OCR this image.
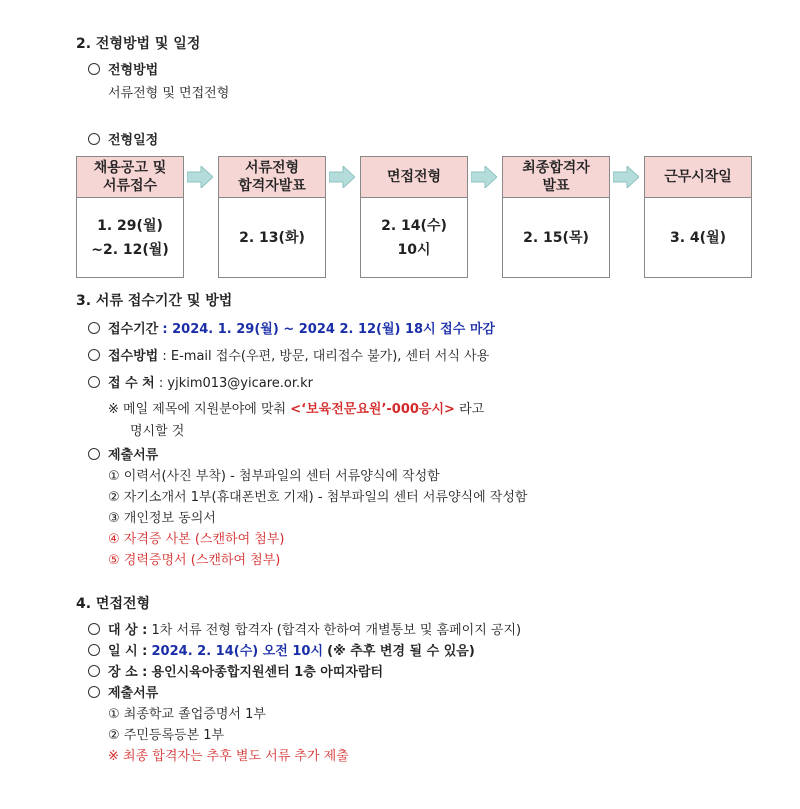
2. 전형방법 및 일정
전형방법
서류전형 및 면접전형
전형일정
채용공고 및
서류접수
1. 29(월)
~2. 12(월)
서류전형
합격자발표
2. 13(화)
면접전형
2. 14(수)
10시
최종합격자
발표
2. 15(목)
근무시작일
3. 4(월)
3. 서류 접수기간 및 방법
접수기간 : 2024. 1. 29(월) ~ 2024 2. 12(월) 18시 접수 마감
접수방법 : E-mail 접수(우편, 방문, 대리접수 불가), 센터 서식 사용
접 수 처 : yjkim013@yicare.or.kr
※ 메일 제목에 지원분야에 맞춰 <‘보육전문요원’-000응시> 라고
명시할 것
제출서류
① 이력서(사진 부착) - 첨부파일의 센터 서류양식에 작성함
② 자기소개서 1부(휴대폰번호 기재) - 첨부파일의 센터 서류양식에 작성함
③ 개인정보 동의서
④ 자격증 사본 (스캔하여 첨부)
⑤ 경력증명서 (스캔하여 첨부)
4. 면접전형
대 상 : 1차 서류 전형 합격자 (합격자 한하여 개별통보 및 홈페이지 공지)
일 시 : 2024. 2. 14(수) 오전 10시 (※ 추후 변경 될 수 있음)
장 소 : 용인시육아종합지원센터 1층 아띠자람터
제출서류
① 최종학교 졸업증명서 1부
② 주민등록등본 1부
※ 최종 합격자는 추후 별도 서류 추가 제출
